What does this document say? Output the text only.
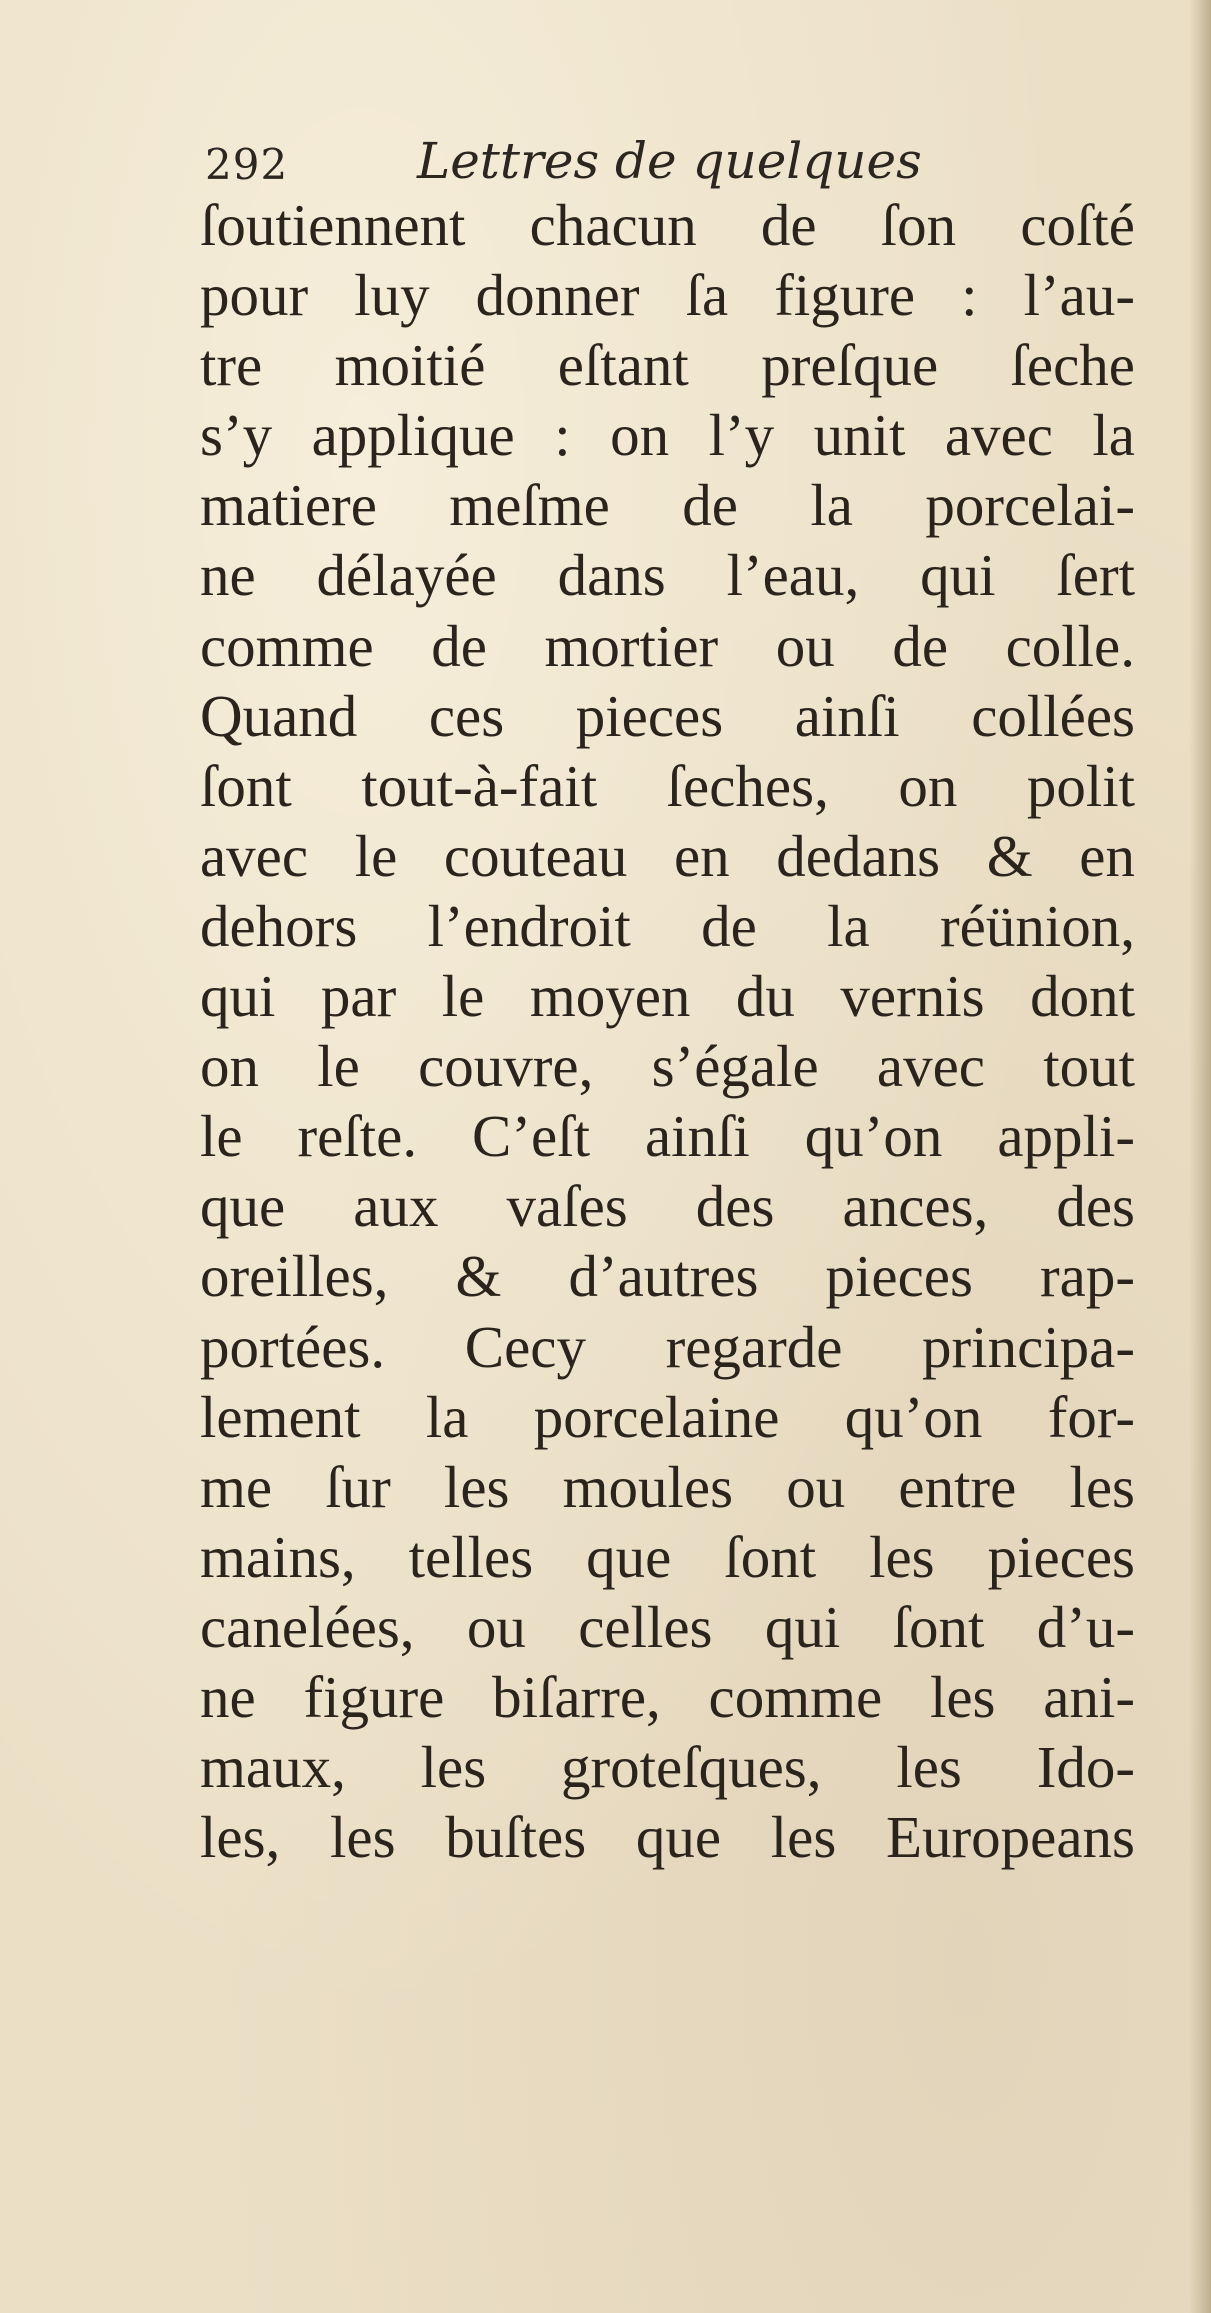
292	Lettres de quelques
ſoutiennent chacun de ſon coſté
pour luy donner ſa figure : l’au-
tre moitié eſtant preſque ſeche
s’y applique : on l’y unit avec la
matiere meſme de la porcelai-
ne délayée dans l’eau, qui ſert
comme de mortier ou de colle.
Quand ces pieces ainſi collées
ſont tout-à-fait ſeches, on polit
avec le couteau en dedans & en
dehors l’endroit de la réünion,
qui par le moyen du vernis dont
on le couvre, s’égale avec tout
le reſte. C’eſt ainſi qu’on appli-
que aux vaſes des ances, des
oreilles, & d’autres pieces rap-
portées. Cecy regarde principa-
lement la porcelaine qu’on for-
me ſur les moules ou entre les
mains, telles que ſont les pieces
canelées, ou celles qui ſont d’u-
ne figure biſarre, comme les ani-
maux, les groteſques, les Ido-
les, les buſtes que les Europeans
